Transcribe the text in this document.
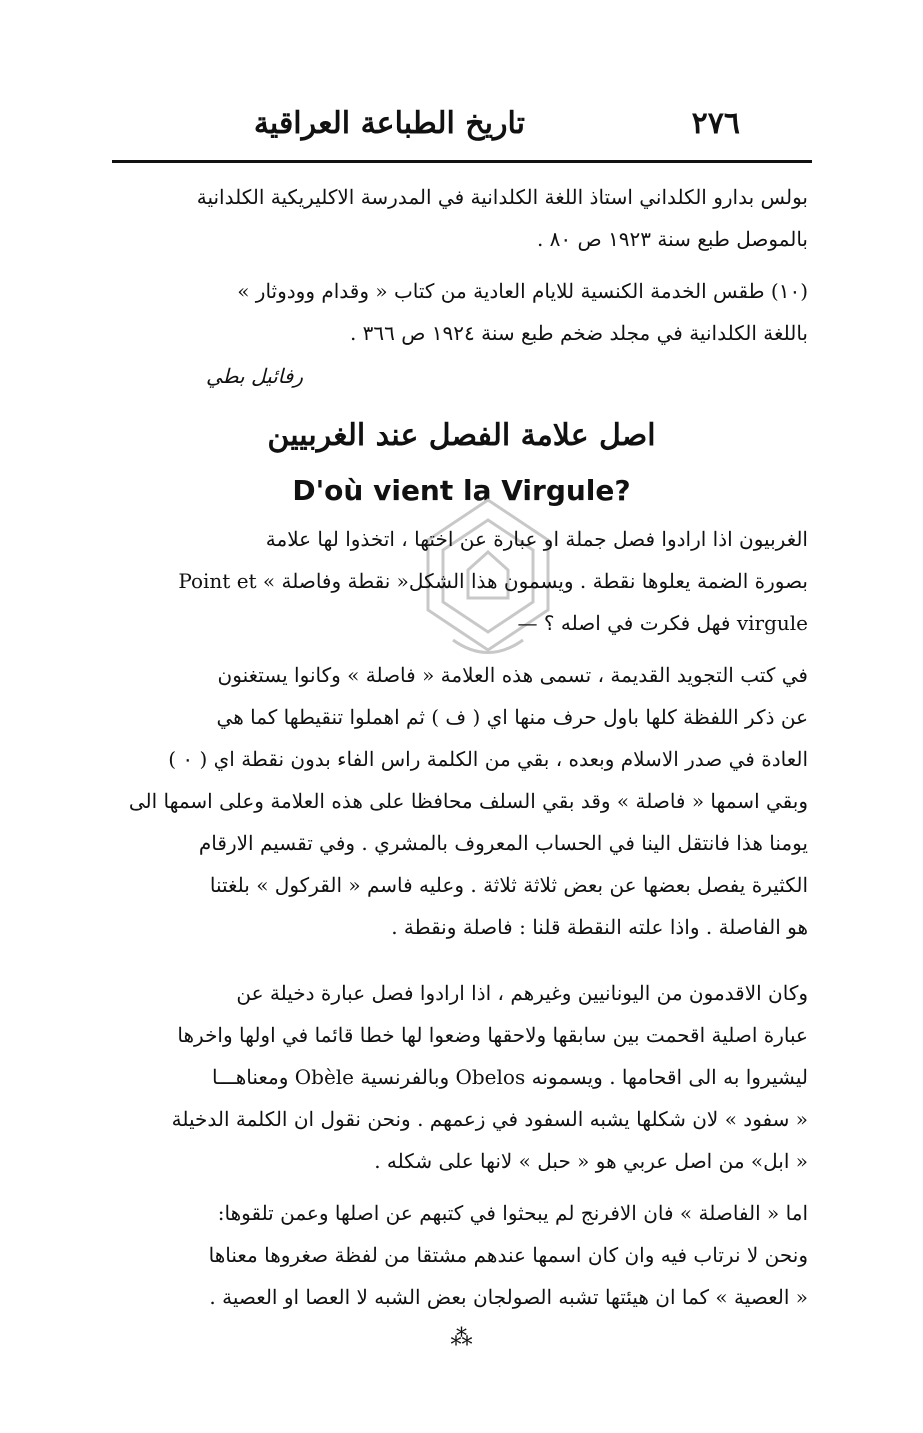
٢٧٦
تاريخ الطباعة العراقية
بولس بدارو الكلداني استاذ اللغة الكلدانية في المدرسة الاكليريكية الكلدانية
بالموصل طبع سنة ١٩٢٣ ص ٨٠ .
(١٠) طقس الخدمة الكنسية للايام العادية من كتاب « وقدام وودوثار »
باللغة الكلدانية في مجلد ضخم طبع سنة ١٩٢٤ ص ٣٦٦ .
رفائيل بطي
اصل علامة الفصل عند الغربيين
D'où vient la Virgule?
الغربيون اذا ارادوا فصل جملة او عبارة عن اختها ، اتخذوا لها علامة
بصورة الضمة يعلوها نقطة . ويسمون هذا الشكل« نقطة وفاصلة » Point et
virgule فهل فكرت في اصله ؟ —
في كتب التجويد القديمة ، تسمى هذه العلامة « فاصلة » وكانوا يستغنون
عن ذكر اللفظة كلها باول حرف منها اي ( ف ) ثم اهملوا تنقيطها كما هي
العادة في صدر الاسلام وبعده ، بقي من الكلمة راس الفاء بدون نقطة اي ( ٠ )
وبقي اسمها « فاصلة » وقد بقي السلف محافظا على هذه العلامة وعلى اسمها الى
يومنا هذا فانتقل الينا في الحساب المعروف بالمشري . وفي تقسيم الارقام
الكثيرة يفصل بعضها عن بعض ثلاثة ثلاثة . وعليه فاسم « القركول » بلغتنا
هو الفاصلة . واذا علته النقطة قلنا : فاصلة ونقطة .
وكان الاقدمون من اليونانيين وغيرهم ، اذا ارادوا فصل عبارة دخيلة عن
عبارة اصلية اقحمت بين سابقها ولاحقها وضعوا لها خطا قائما في اولها واخرها
ليشيروا به الى اقحامها . ويسمونه Obelos وبالفرنسية Obèle ومعناهـــا
« سفود » لان شكلها يشبه السفود في زعمهم . ونحن نقول ان الكلمة الدخيلة
« ابل» من اصل عربي هو « حبل » لانها على شكله .
اما « الفاصلة » فان الافرنج لم يبحثوا في كتبهم عن اصلها وعمن تلقوها:
ونحن لا نرتاب فيه وان كان اسمها عندهم مشتقا من لفظة صغروها معناها
« العصية » كما ان هيئتها تشبه الصولجان بعض الشبه لا العصا او العصية .
⁂
